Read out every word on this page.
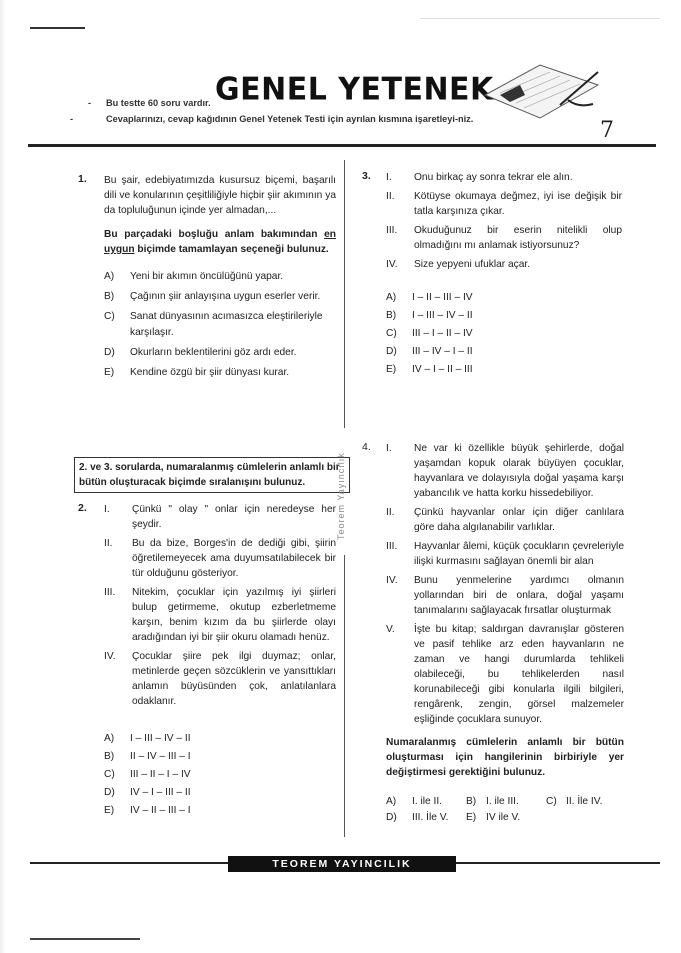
GENEL YETENEK
- Bu testte 60 soru vardır.
-	Cevaplarınızı, cevap kağıdının Genel Yetenek Testi için ayrılan kısmına işaretleyi-niz.	7
1.	Bu şair, edebiyatımızda kusursuz biçemi, başarılı dili ve konularının çeşitliliğiyle hiçbir şiir akımının ya da topluluğunun içinde yer almadan,...
Bu parçadaki boşluğu anlam bakımından en uygun biçimde tamamlayan seçeneği bulunuz.
A)	Yeni bir akımın öncülüğünü yapar.
B)	Çağının şiir anlayışına uygun eserler verir.
C)	Sanat dünyasının acımasızca eleştirileriyle karşılaşır.
D)	Okurların beklentilerini göz ardı eder.
E)	Kendine özgü bir şiir dünyası kurar.
3.	I.	Onu birkaç ay sonra tekrar ele alın.
II.	Kötüyse okumaya değmez, iyi ise değişik bir tatla karşınıza çıkar.
III.	Okuduğunuz bir eserin nitelikli olup olmadığını mı anlamak istiyorsunuz?
IV.	Size yepyeni ufuklar açar.
A)	I – II – III – IV
B)	I – III – IV – II
C)	III – I – II – IV
D)	III – IV – I – II
E)	IV – I – II – III
2. ve 3. sorularda, numaralanmış cümlelerin anlamlı bir bütün oluşturacak biçimde sıralanışını bulunuz.	Teorem Yayıncılık
2.	I.	Çünkü " olay " onlar için neredeyse her şeydir.
II.	Bu da bize, Borges'in de dediği gibi, şiirin öğretilemeyecek ama duyumsatılabilecek bir tür olduğunu gösteriyor.
III.	Nitekim, çocuklar için yazılmış iyi şiirleri bulup getirmeme, okutup ezberletmeme karşın, benim kızım da bu şiirlerde olayı aradığından iyi bir şiir okuru olamadı henüz.
IV.	Çocuklar şiire pek ilgi duymaz; onlar, metinlerde geçen sözcüklerin ve yansıttıkları anlamın büyüsünden çok, anlatılanlara odaklanır.
A)	I – III – IV – II
B)	II – IV – III – I
C)	III – II – I – IV
D)	IV – I – III – II
E)	IV – II – III – I
4.	I.	Ne var ki özellikle büyük şehirlerde, doğal yaşamdan kopuk olarak büyüyen çocuklar, hayvanlara ve dolayısıyla doğal yaşama karşı yabancılık ve hatta korku hissedebiliyor.
II.	Çünkü hayvanlar onlar için diğer canlılara göre daha algılanabilir varlıklar.
III.	Hayvanlar âlemi, küçük çocukların çevreleriyle ilişki kurmasını sağlayan önemli bir alan
IV.	Bunu yenmelerine yardımcı olmanın yollarından biri de onlara, doğal yaşamı tanımalarını sağlayacak fırsatlar oluşturmak
V.	İşte bu kitap; saldırgan davranışlar gösteren ve pasif tehlike arz eden hayvanların ne zaman ve hangi durumlarda tehlikeli olabileceği, bu tehlikelerden nasıl korunabileceği gibi konularla ilgili bilgileri, rengârenk, zengin, görsel malzemeler eşliğinde çocuklara sunuyor.
Numaralanmış cümlelerin anlamlı bir bütün oluşturması için hangilerinin birbiriyle yer değiştirmesi gerektiğini bulunuz.
A)	I. ile II. B) I. ile III.	C) II. İle IV.
D)	III. İle V. E) IV ile V.
TEOREM YAYINCILIK
